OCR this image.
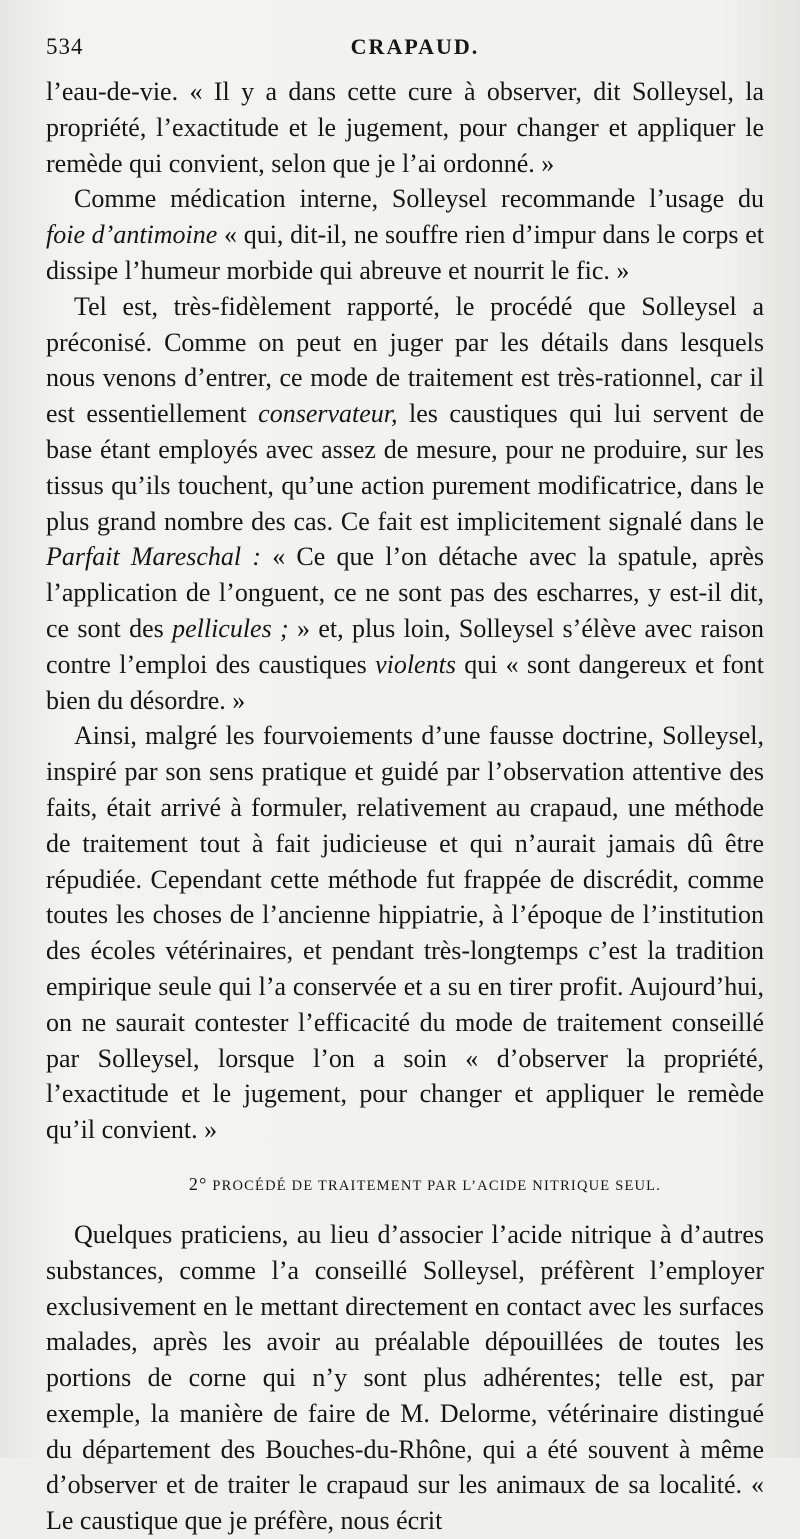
534	CRAPAUD.

l’eau-de-vie. « Il y a dans cette cure à observer, dit Solleysel, la propriété, l’exactitude et le jugement, pour changer et appliquer le remède qui convient, selon que je l’ai ordonné. »

Comme médication interne, Solleysel recommande l’usage du foie d’antimoine « qui, dit-il, ne souffre rien d’impur dans le corps et dissipe l’humeur morbide qui abreuve et nourrit le fic. »

Tel est, très-fidèlement rapporté, le procédé que Solleysel a préconisé. Comme on peut en juger par les détails dans lesquels nous venons d’entrer, ce mode de traitement est très-rationnel, car il est essentiellement conservateur, les caustiques qui lui servent de base étant employés avec assez de mesure, pour ne produire, sur les tissus qu’ils touchent, qu’une action purement modificatrice, dans le plus grand nombre des cas. Ce fait est implicitement signalé dans le Parfait Mareschal : « Ce que l’on détache avec la spatule, après l’application de l’onguent, ce ne sont pas des escharres, y est-il dit, ce sont des pellicules ; » et, plus loin, Solleysel s’élève avec raison contre l’emploi des caustiques violents qui « sont dangereux et font bien du désordre. »

Ainsi, malgré les fourvoiements d’une fausse doctrine, Solleysel, inspiré par son sens pratique et guidé par l’observation attentive des faits, était arrivé à formuler, relativement au crapaud, une méthode de traitement tout à fait judicieuse et qui n’aurait jamais dû être répudiée. Cependant cette méthode fut frappée de discrédit, comme toutes les choses de l’ancienne hippiatrie, à l’époque de l’institution des écoles vétérinaires, et pendant très-longtemps c’est la tradition empirique seule qui l’a conservée et a su en tirer profit. Aujourd’hui, on ne saurait contester l’efficacité du mode de traitement conseillé par Solleysel, lorsque l’on a soin « d’observer la propriété, l’exactitude et le jugement, pour changer et appliquer le remède qu’il convient. »

2° PROCÉDÉ DE TRAITEMENT PAR L’ACIDE NITRIQUE SEUL.

Quelques praticiens, au lieu d’associer l’acide nitrique à d’autres substances, comme l’a conseillé Solleysel, préfèrent l’employer exclusivement en le mettant directement en contact avec les surfaces malades, après les avoir au préalable dépouillées de toutes les portions de corne qui n’y sont plus adhérentes; telle est, par exemple, la manière de faire de M. Delorme, vétérinaire distingué du département des Bouches-du-Rhône, qui a été souvent à même d’observer et de traiter le crapaud sur les animaux de sa localité. « Le caustique que je préfère, nous écrit
